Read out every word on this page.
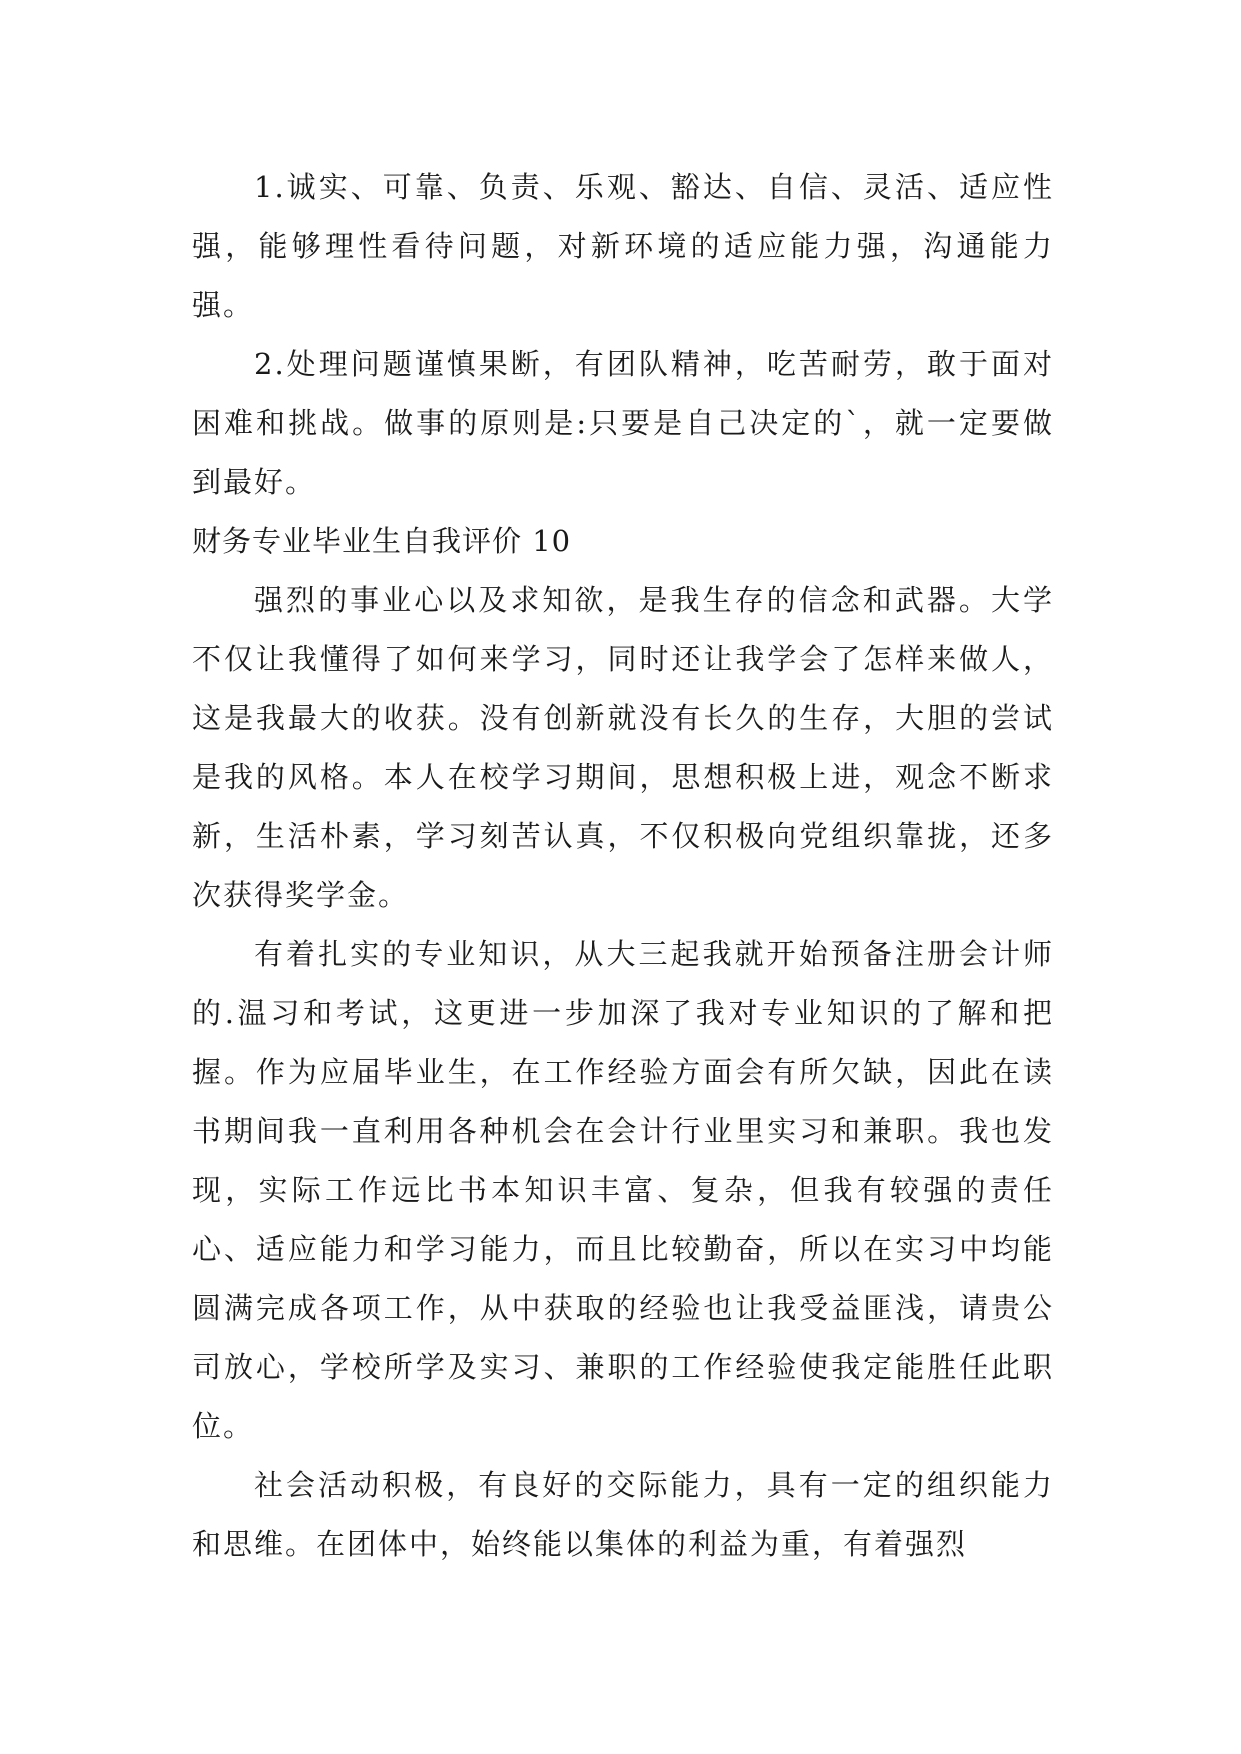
1.诚实、可靠、负责、乐观、豁达、自信、灵活、适应性强，能够理性看待问题，对新环境的适应能力强，沟通能力强。

2.处理问题谨慎果断，有团队精神，吃苦耐劳，敢于面对困难和挑战。做事的原则是:只要是自己决定的`，就一定要做到最好。

财务专业毕业生自我评价 10

强烈的事业心以及求知欲，是我生存的信念和武器。大学不仅让我懂得了如何来学习，同时还让我学会了怎样来做人，这是我最大的收获。没有创新就没有长久的生存，大胆的尝试是我的风格。本人在校学习期间，思想积极上进，观念不断求新，生活朴素，学习刻苦认真，不仅积极向党组织靠拢，还多次获得奖学金。

有着扎实的专业知识，从大三起我就开始预备注册会计师的.温习和考试，这更进一步加深了我对专业知识的了解和把握。作为应届毕业生，在工作经验方面会有所欠缺，因此在读书期间我一直利用各种机会在会计行业里实习和兼职。我也发现，实际工作远比书本知识丰富、复杂，但我有较强的责任心、适应能力和学习能力，而且比较勤奋，所以在实习中均能圆满完成各项工作，从中获取的经验也让我受益匪浅，请贵公司放心，学校所学及实习、兼职的工作经验使我定能胜任此职位。

社会活动积极，有良好的交际能力，具有一定的组织能力和思维。在团体中，始终能以集体的利益为重，有着强烈
